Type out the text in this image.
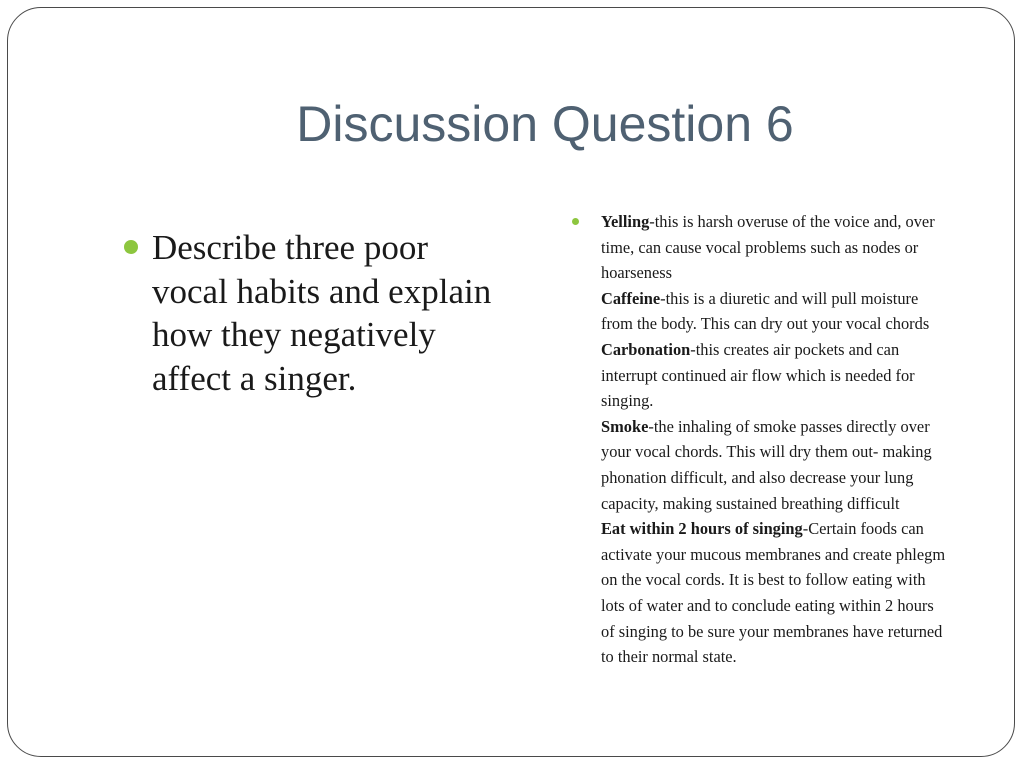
Discussion Question 6
Describe three poor vocal habits and explain how they negatively affect a singer.
Yelling-this is harsh overuse of the voice and, over time, can cause vocal problems such as nodes or hoarseness
Caffeine-this is a diuretic and will pull moisture from the body. This can dry out your vocal chords
Carbonation-this creates air pockets and can interrupt continued air flow which is needed for singing.
Smoke-the inhaling of smoke passes directly over your vocal chords. This will dry them out- making phonation difficult, and also decrease your lung capacity, making sustained breathing difficult
Eat within 2 hours of singing-Certain foods can activate your mucous membranes and create phlegm on the vocal cords. It is best to follow eating with lots of water and to conclude eating within 2 hours of singing to be sure your membranes have returned to their normal state.
